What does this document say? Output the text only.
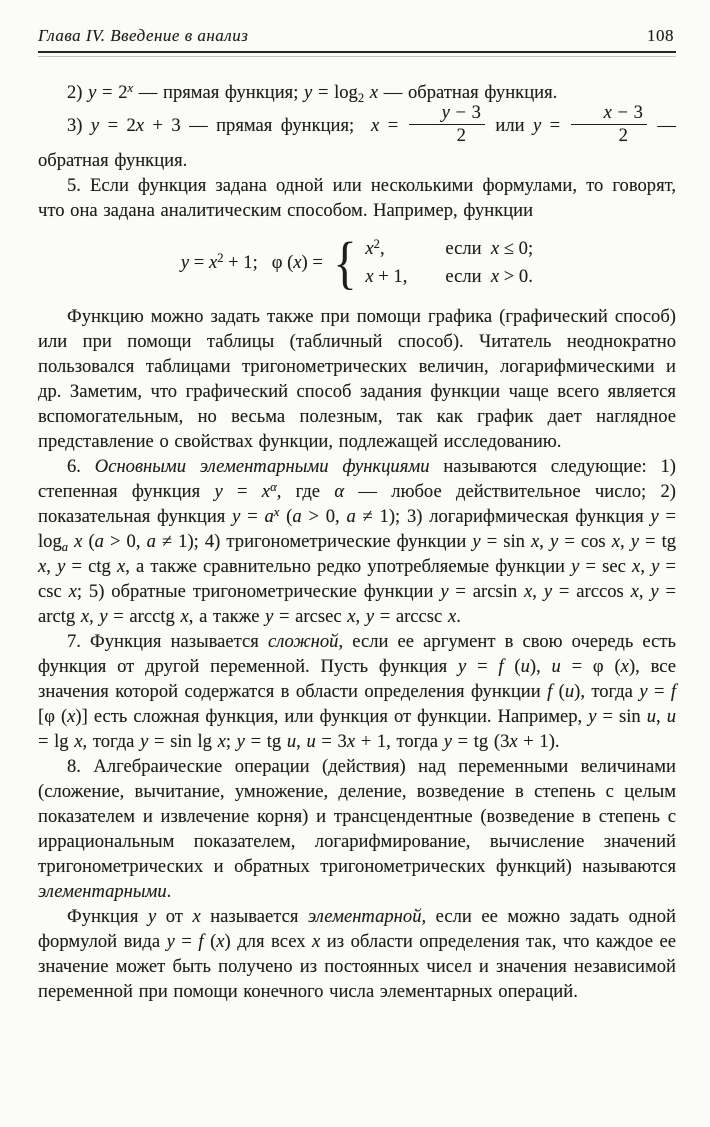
Глава IV. Введение в анализ	108

2) $y = 2^x$ — прямая функция; y = log2 x — обратная функция.

3) y = 2x + 3 — прямая функция;  $x = \frac{y - 3}{2}$ или $y = \frac{x - 3}{2}$ — обратная функция.

5. Если функция задана одной или несколькими формулами, то говорят, что она задана аналитическим способом. Например, функции

$y = x^2 + 1$;   φ (x) = { $x^2$,	если  x ≤ 0;
x + 1, если  x > 0.

Функцию можно задать также при помощи графика (графический способ) или при помощи таблицы (табличный способ). Читатель неоднократно пользовался таблицами тригонометрических величин, логарифмическими и др. Заметим, что графический способ задания функции чаще всего является вспомогательным, но весьма полезным, так как график дает наглядное представление о свойствах функции, подлежащей исследованию.

6. Основными элементарными функциями называются следующие: 1) степенная функция $y = x^\alpha$, где α — любое действительное число; 2) показательная функция $y = a^x$ (a > 0, a ≠ 1); 3) логарифмическая функция y = loga x (a > 0, a ≠ 1); 4) тригонометрические функции y = sin x, y = cos x, y = tg x, y = ctg x, а также сравнительно редко употребляемые функции y = sec x, y = csc x; 5) обратные тригонометрические функции y = arcsin x, y = arccos x, y = arctg x, y = arcctg x, а также y = arcsec x, y = arccsc x.

7. Функция называется сложной, если ее аргумент в свою очередь есть функция от другой переменной. Пусть функция y = f (u), u = φ (x), все значения которой содержатся в области определения функции f (u), тогда y = f [φ (x)] есть сложная функция, или функция от функции. Например, y = sin u, u = lg x, тогда y = sin lg x; y = tg u, u = 3x + 1, тогда y = tg (3x + 1).

8. Алгебраические операции (действия) над переменными величинами (сложение, вычитание, умножение, деление, возведение в степень с целым показателем и извлечение корня) и трансцендентные (возведение в степень с иррациональным показателем, логарифмирование, вычисление значений тригонометрических и обратных тригонометрических функций) называются элементарными.

Функция y от x называется элементарной, если ее можно задать одной формулой вида y = f (x) для всех x из области определения так, что каждое ее значение может быть получено из постоянных чисел и значения независимой переменной при помощи конечного числа элементарных операций.
